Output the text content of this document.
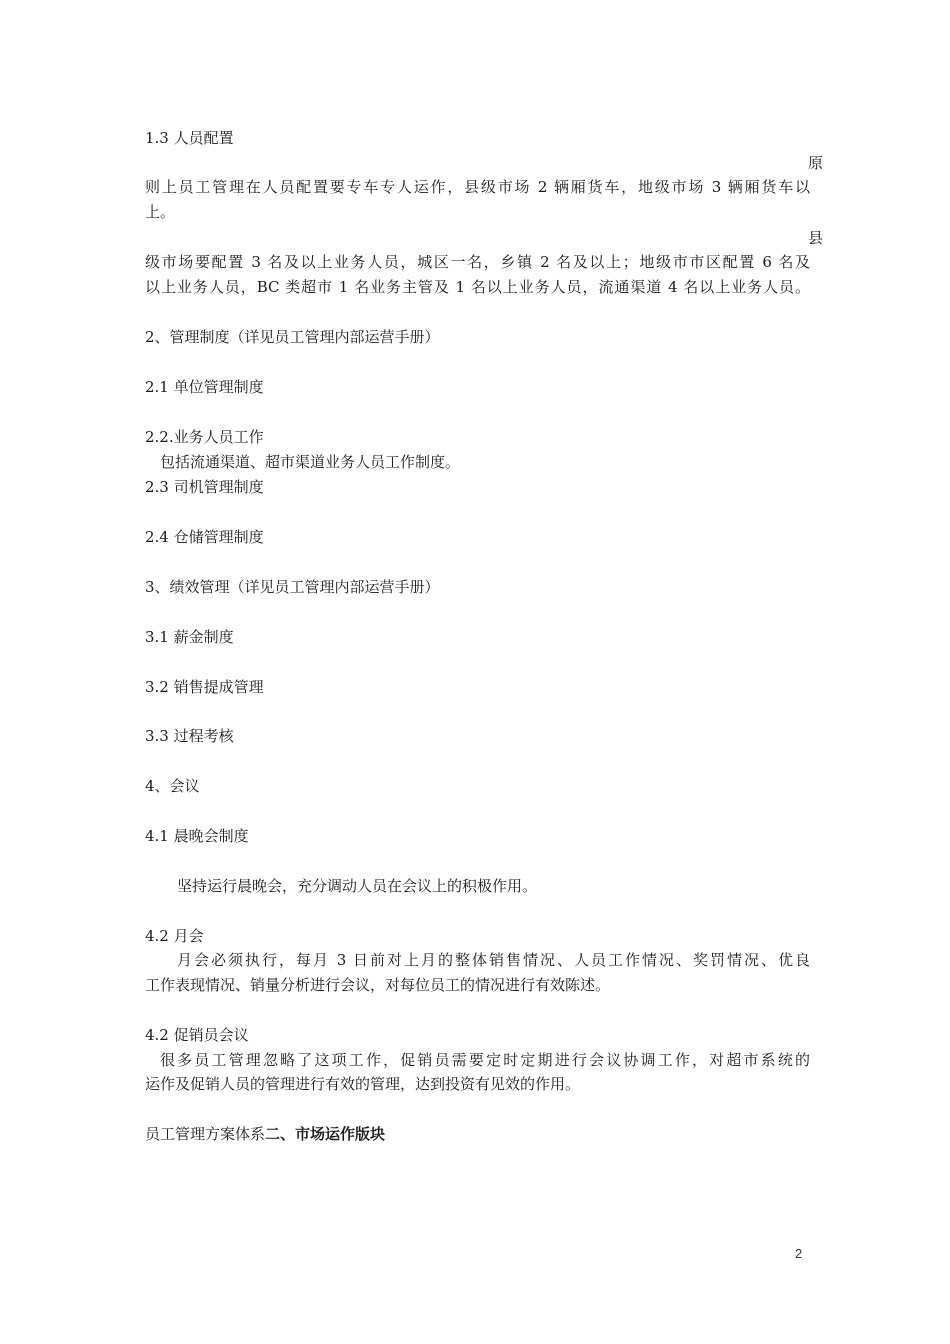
1.3 人员配置
原
则上员工管理在人员配置要专车专人运作，县级市场 2 辆厢货车，地级市场 3 辆厢货车以
上。
县
级市场要配置 3 名及以上业务人员，城区一名，乡镇 2 名及以上；地级市市区配置 6 名及
以上业务人员，BC 类超市 1 名业务主管及 1 名以上业务人员，流通渠道 4 名以上业务人员。
2、管理制度（详见员工管理内部运营手册）
2.1 单位管理制度
2.2.业务人员工作
包括流通渠道、超市渠道业务人员工作制度。
2.3 司机管理制度
2.4 仓储管理制度
3、绩效管理（详见员工管理内部运营手册）
3.1 薪金制度
3.2 销售提成管理
3.3 过程考核
4、会议
4.1 晨晚会制度
坚持运行晨晚会，充分调动人员在会议上的积极作用。
4.2 月会
月会必须执行，每月 3 日前对上月的整体销售情况、人员工作情况、奖罚情况、优良
工作表现情况、销量分析进行会议，对每位员工的情况进行有效陈述。
4.2 促销员会议
很多员工管理忽略了这项工作，促销员需要定时定期进行会议协调工作，对超市系统的
运作及促销人员的管理进行有效的管理，达到投资有见效的作用。
员工管理方案体系二、市场运作版块
2
